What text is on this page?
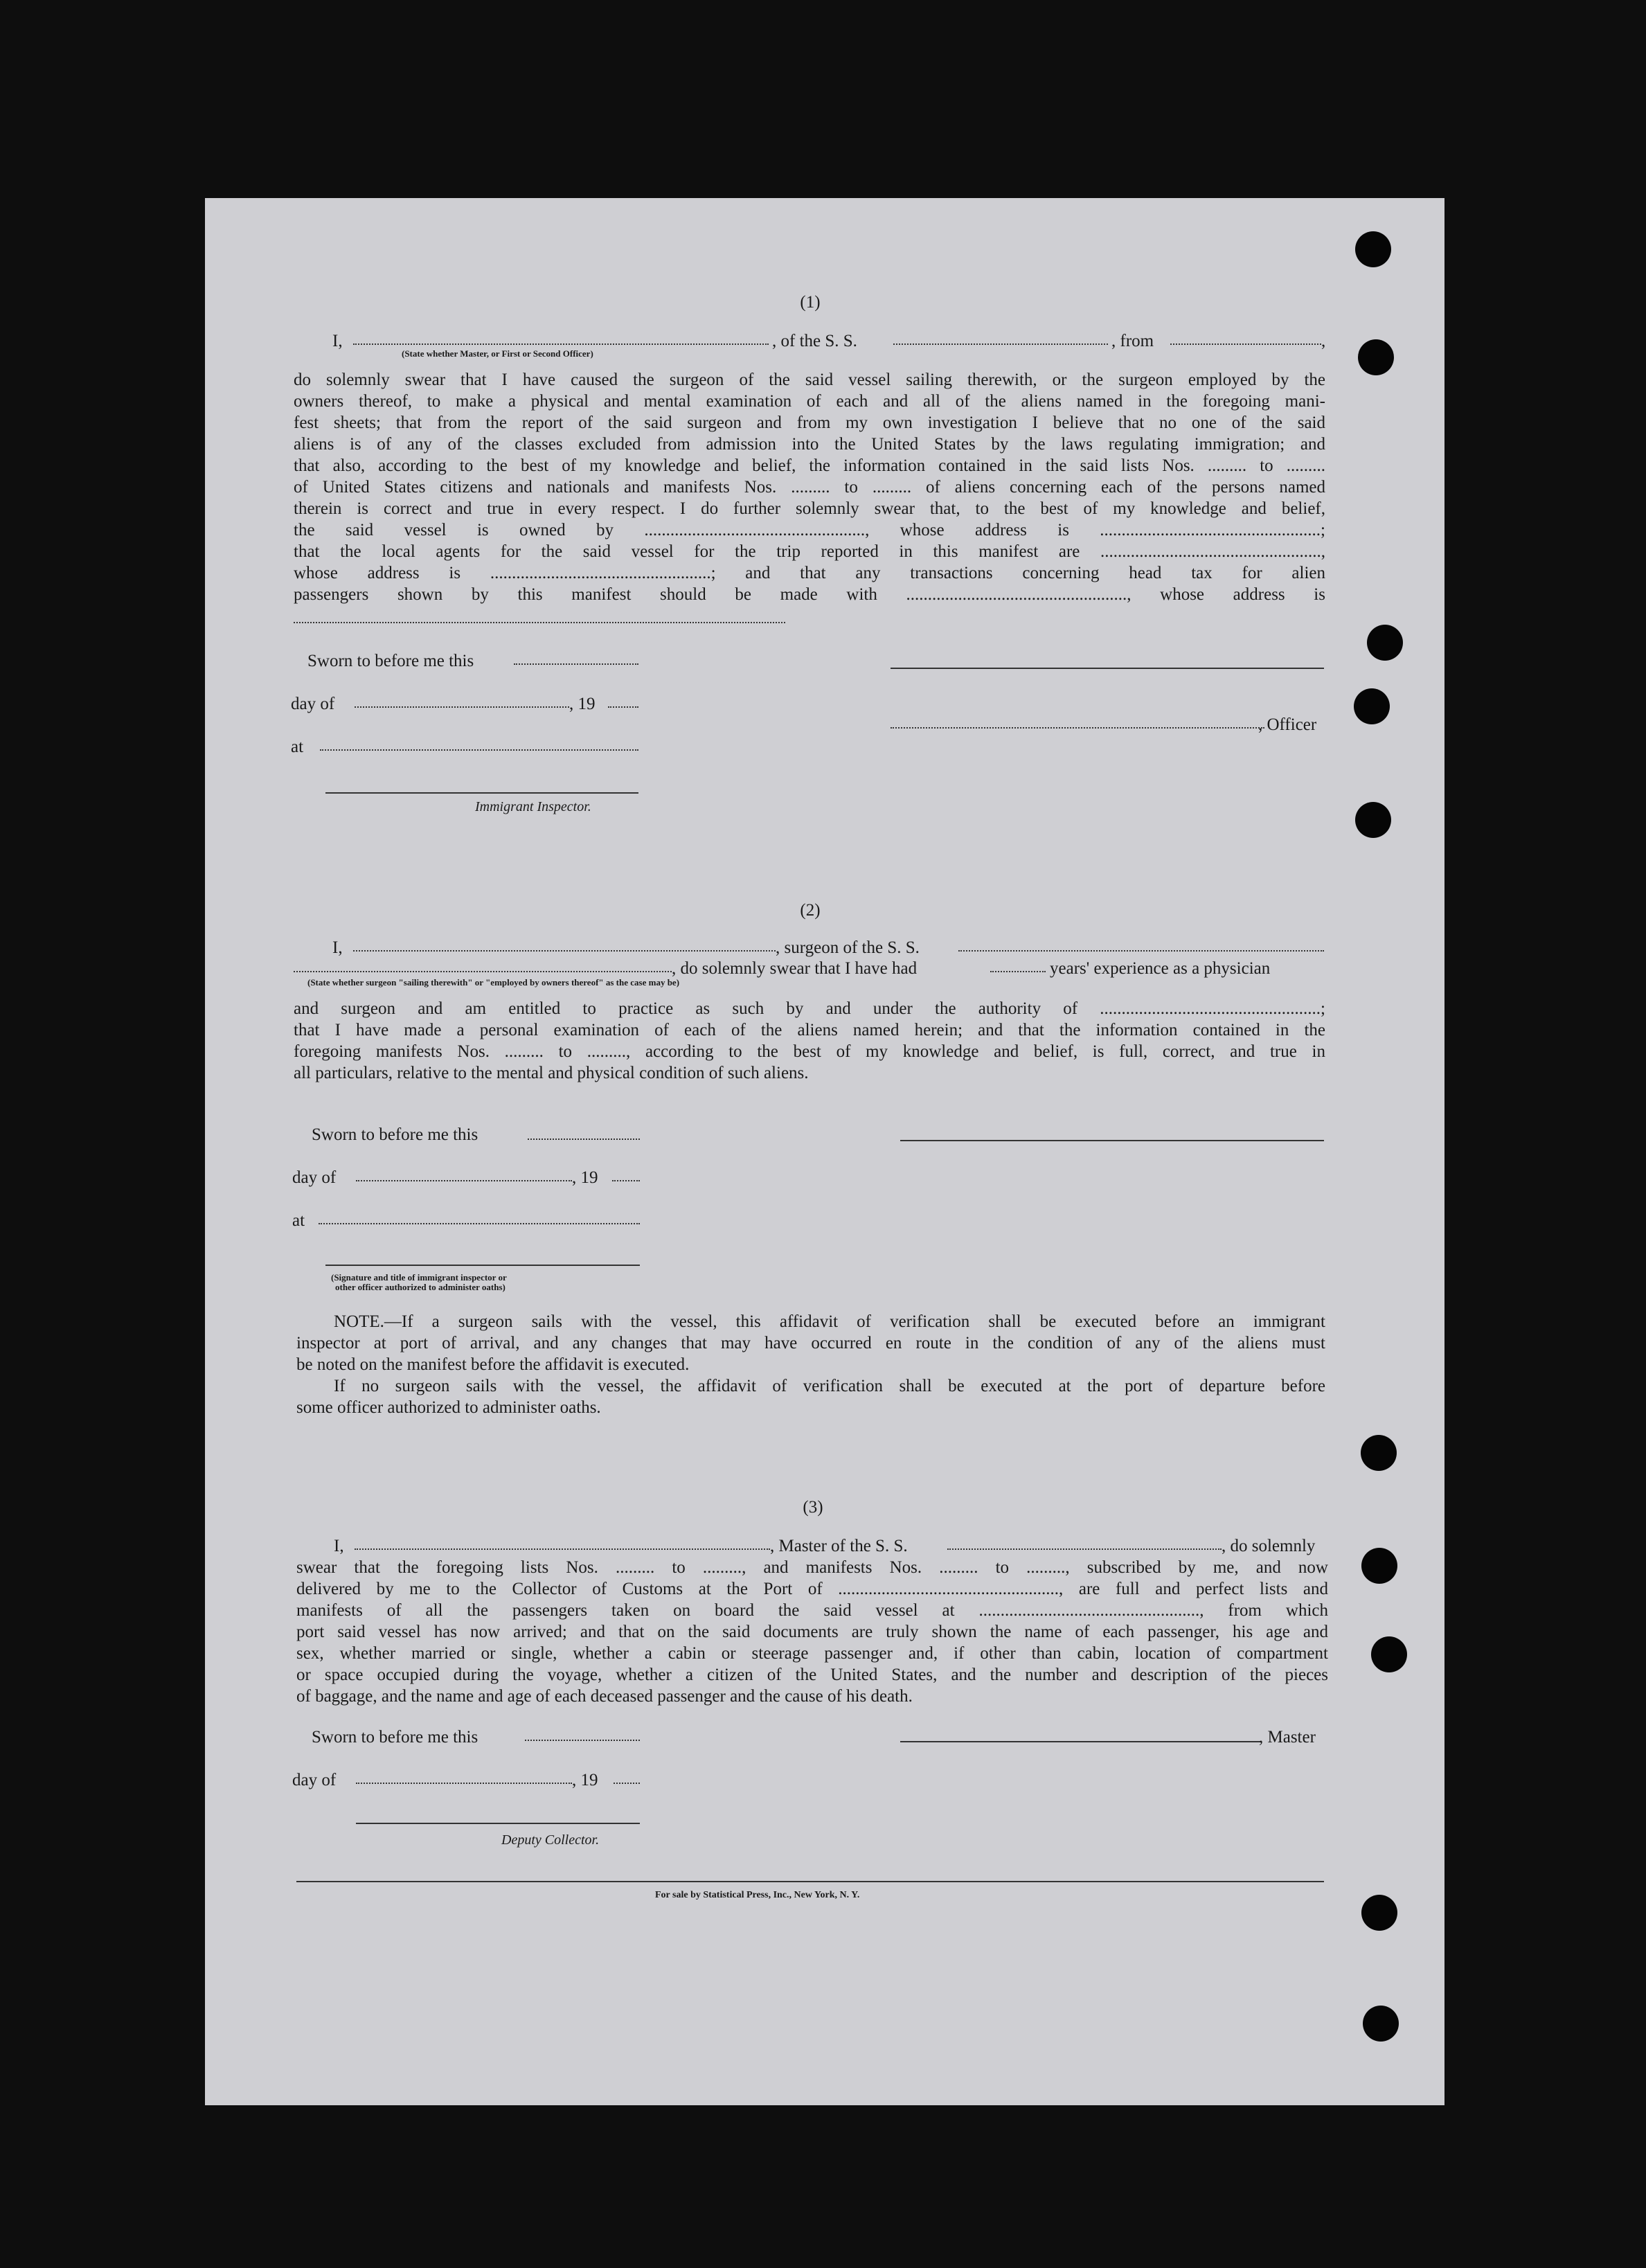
(1)
I,	, of the S. S.	, from	,
(State whether Master, or First or Second Officer)
do solemnly swear that I have caused the surgeon of the said vessel sailing therewith, or the surgeon employed by the
owners thereof, to make a physical and mental examination of each and all of the aliens named in the foregoing mani-
fest sheets; that from the report of the said surgeon and from my own investigation I believe that no one of the said
aliens is of any of the classes excluded from admission into the United States by the laws regulating immigration; and
that also, according to the best of my knowledge and belief, the information contained in the said lists Nos. ......... to .........
of United States citizens and nationals and manifests Nos. ......... to ......... of aliens concerning each of the persons named
therein is correct and true in every respect. I do further solemnly swear that, to the best of my knowledge and belief,
the said vessel is owned by ..................................................., whose address is ...................................................;
that the local agents for the said vessel for the trip reported in this manifest are ...................................................,
whose address is ...................................................; and that any transactions concerning head tax for alien
passengers shown by this manifest should be made with ..................................................., whose address is
Sworn to before me this
day of	, 19
, Officer
at
Immigrant Inspector.
(2)
I,	, surgeon of the S. S.
, do solemnly swear that I have had	years' experience as a physician
(State whether surgeon "sailing therewith" or "employed by owners thereof" as the case may be)
and surgeon and am entitled to practice as such by and under the authority of ...................................................;
that I have made a personal examination of each of the aliens named herein; and that the information contained in the
foregoing manifests Nos. ......... to ........., according to the best of my knowledge and belief, is full, correct, and true in
all particulars, relative to the mental and physical condition of such aliens.
Sworn to before me this
day of	, 19
at
(Signature and title of immigrant inspector or
other officer authorized to administer oaths)
NOTE.—If a surgeon sails with the vessel, this affidavit of verification shall be executed before an immigrant
inspector at port of arrival, and any changes that may have occurred en route in the condition of any of the aliens must
be noted on the manifest before the affidavit is executed.
If no surgeon sails with the vessel, the affidavit of verification shall be executed at the port of departure before
some officer authorized to administer oaths.
(3)
I,	, Master of the S. S.	, do solemnly
swear that the foregoing lists Nos. ......... to ........., and manifests Nos. ......... to ........., subscribed by me, and now
delivered by me to the Collector of Customs at the Port of ..................................................., are full and perfect lists and
manifests of all the passengers taken on board the said vessel at ..................................................., from which
port said vessel has now arrived; and that on the said documents are truly shown the name of each passenger, his age and
sex, whether married or single, whether a cabin or steerage passenger and, if other than cabin, location of compartment
or space occupied during the voyage, whether a citizen of the United States, and the number and description of the pieces
of baggage, and the name and age of each deceased passenger and the cause of his death.
Sworn to before me this	, Master
day of	, 19
Deputy Collector.
For sale by Statistical Press, Inc., New York, N. Y.
